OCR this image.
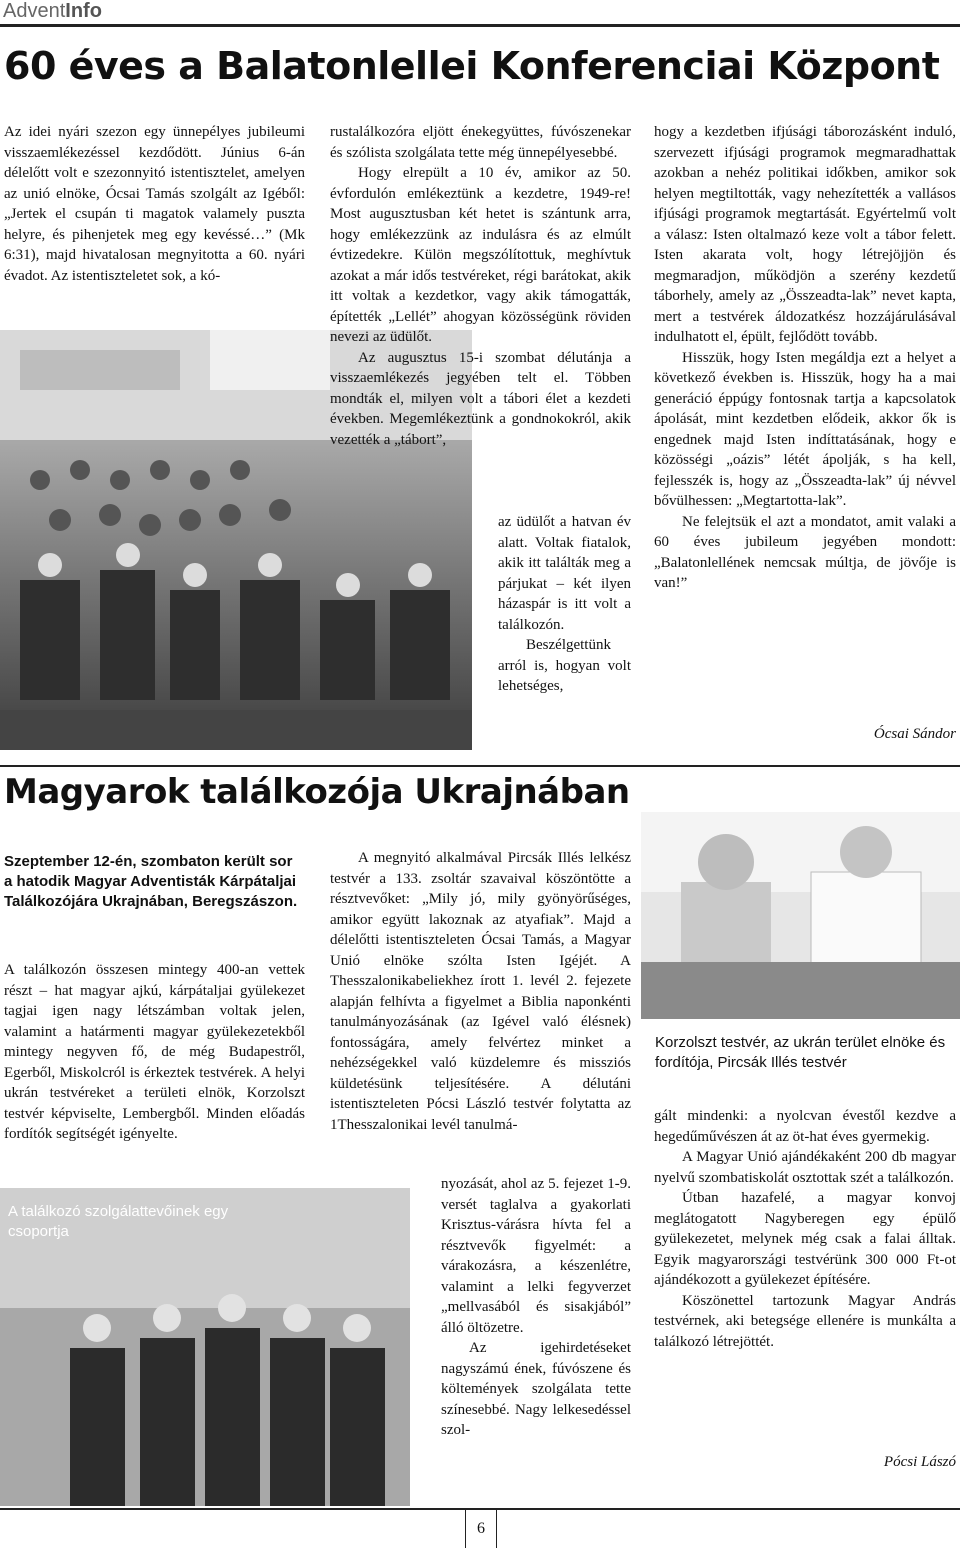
AdventInfo
60 éves a Balatonlellei Konferenciai Központ

Az idei nyári szezon egy ünnepélyes jubileumi visszaemlékezéssel kezdődött. Június 6-án délelőtt volt e szezonnyitó istentisztelet, amelyen az unió elnöke, Ócsai Tamás szolgált az Igéből: „Jertek el csupán ti magatok valamely puszta helyre, és pihenjetek meg egy kevéssé…” (Mk 6:31), majd hivatalosan megnyitotta a 60. nyári évadot. Az istentiszteletet sok, a kó-

rustalálkozóra eljött énekegyüttes, fúvószenekar és szólista szolgálata tette még ünnepélyesebbé.

Hogy elrepült a 10 év, amikor az 50. évfordulón emlékeztünk a kezdetre, 1949-re! Most augusztusban két hetet is szántunk arra, hogy emlékezzünk az indulásra és az elmúlt évtizedekre. Külön megszólítottuk, meghívtuk azokat a már idős testvéreket, régi barátokat, akik itt voltak a kezdetkor, vagy akik támogatták, építették „Lellét” ahogyan közösségünk röviden nevezi az üdülőt.

Az augusztus 15-i szombat délutánja a visszaemlékezés jegyében telt el. Többen mondták el, milyen volt a tábori élet a kezdeti években. Megemlékeztünk a gondnokokról, akik vezették a „tábort”,

az üdülőt a hatvan év alatt. Voltak fiatalok, akik itt találták meg a párjukat – két ilyen házaspár is itt volt a találkozón.

Beszélgettünk arról is, hogyan volt lehetséges,

hogy a kezdetben ifjúsági táborozásként induló, szervezett ifjúsági programok megmaradhattak azokban a nehéz politikai időkben, amikor sok helyen megtiltották, vagy nehezítették a vallásos ifjúsági programok megtartását. Egyértelmű volt a válasz: Isten oltalmazó keze volt a tábor felett. Isten akarata volt, hogy létrejöjjön és megmaradjon, működjön a szerény kezdetű táborhely, amely az „Összeadta-lak” nevet kapta, mert a testvérek áldozatkész hozzájárulásával indulhatott el, épült, fejlődött tovább.

Hisszük, hogy Isten megáldja ezt a helyet a következő években is. Hisszük, hogy ha a mai generáció éppúgy fontosnak tartja a kapcsolatok ápolását, mint kezdetben elődeik, akkor ők is engednek majd Isten indíttatásának, hogy e közösségi „oázis” létét ápolják, s ha kell, fejlesszék is, hogy az „Összeadta-lak” új névvel bővülhessen: „Megtartotta-lak”.

Ne felejtsük el azt a mondatot, amit valaki a 60 éves jubileum jegyében mondott: „Balatonlellének nemcsak múltja, de jövője is van!”

Ócsai Sándor
Magyarok találkozója Ukrajnában
Szeptember 12-én, szombaton került sor a hatodik Magyar Adventisták Kárpátaljai Találkozójára Ukrajnában, Beregszászon.

A találkozón összesen mintegy 400-an vettek részt – hat magyar ajkú, kárpátaljai gyülekezet tagjai igen nagy létszámban voltak jelen, valamint a határmenti magyar gyülekezetekből mintegy negyven fő, de még Budapestről, Egerből, Miskolcról is érkeztek testvérek. A helyi ukrán testvéreket a területi elnök, Korzolszt testvér képviselte, Lembergből. Minden előadás fordítók segítségét igényelte.

A találkozó szolgálattevőinek egy csoportja

A megnyitó alkalmával Pircsák Illés lelkész testvér a 133. zsoltár szavaival köszöntötte a résztvevőket: „Mily jó, mily gyönyörűséges, amikor együtt lakoznak az atyafiak”. Majd a délelőtti istentiszteleten Ócsai Tamás, a Magyar Unió elnöke szólta Isten Igéjét. A Thesszalonikabeliekhez írott 1. levél 2. fejezete alapján felhívta a figyelmet a Biblia naponkénti tanulmányozásának (az Igével való élésnek) fontosságára, amely felvértez minket a nehézségekkel való küzdelemre és missziós küldetésünk teljesítésére. A délutáni istentiszteleten Pócsi László testvér folytatta az 1Thesszalonikai levél tanulmá-

nyozását, ahol az 5. fejezet 1-9. versét taglalva a gyakorlati Krisztus-várásra hívta fel a résztvevők figyelmét: a várakozásra, a készenlétre, valamint a lelki fegyverzet „mellvasából és sisakjából” álló öltözetre.

Az igehirdetéseket nagyszámú ének, fúvószene és költemények szolgálata tette színesebbé. Nagy lelkesedéssel szol-

Korzolszt testvér, az ukrán terület elnöke és fordítója, Pircsák Illés testvér

gált mindenki: a nyolcvan évestől kezdve a hegedűművészen át az öt-hat éves gyermekig.

A Magyar Unió ajándékaként 200 db magyar nyelvű szombatiskolát osztottak szét a találkozón.

Útban hazafelé, a magyar konvoj meglátogatott Nagyberegen egy épülő gyülekezetet, melynek még csak a falai álltak. Egyik magyarországi testvérünk 300 000 Ft-ot ajándékozott a gyülekezet építésére.

Köszönettel tartozunk Magyar András testvérnek, aki betegsége ellenére is munkálta a találkozó létrejöttét.

Pócsi Lászó
6
